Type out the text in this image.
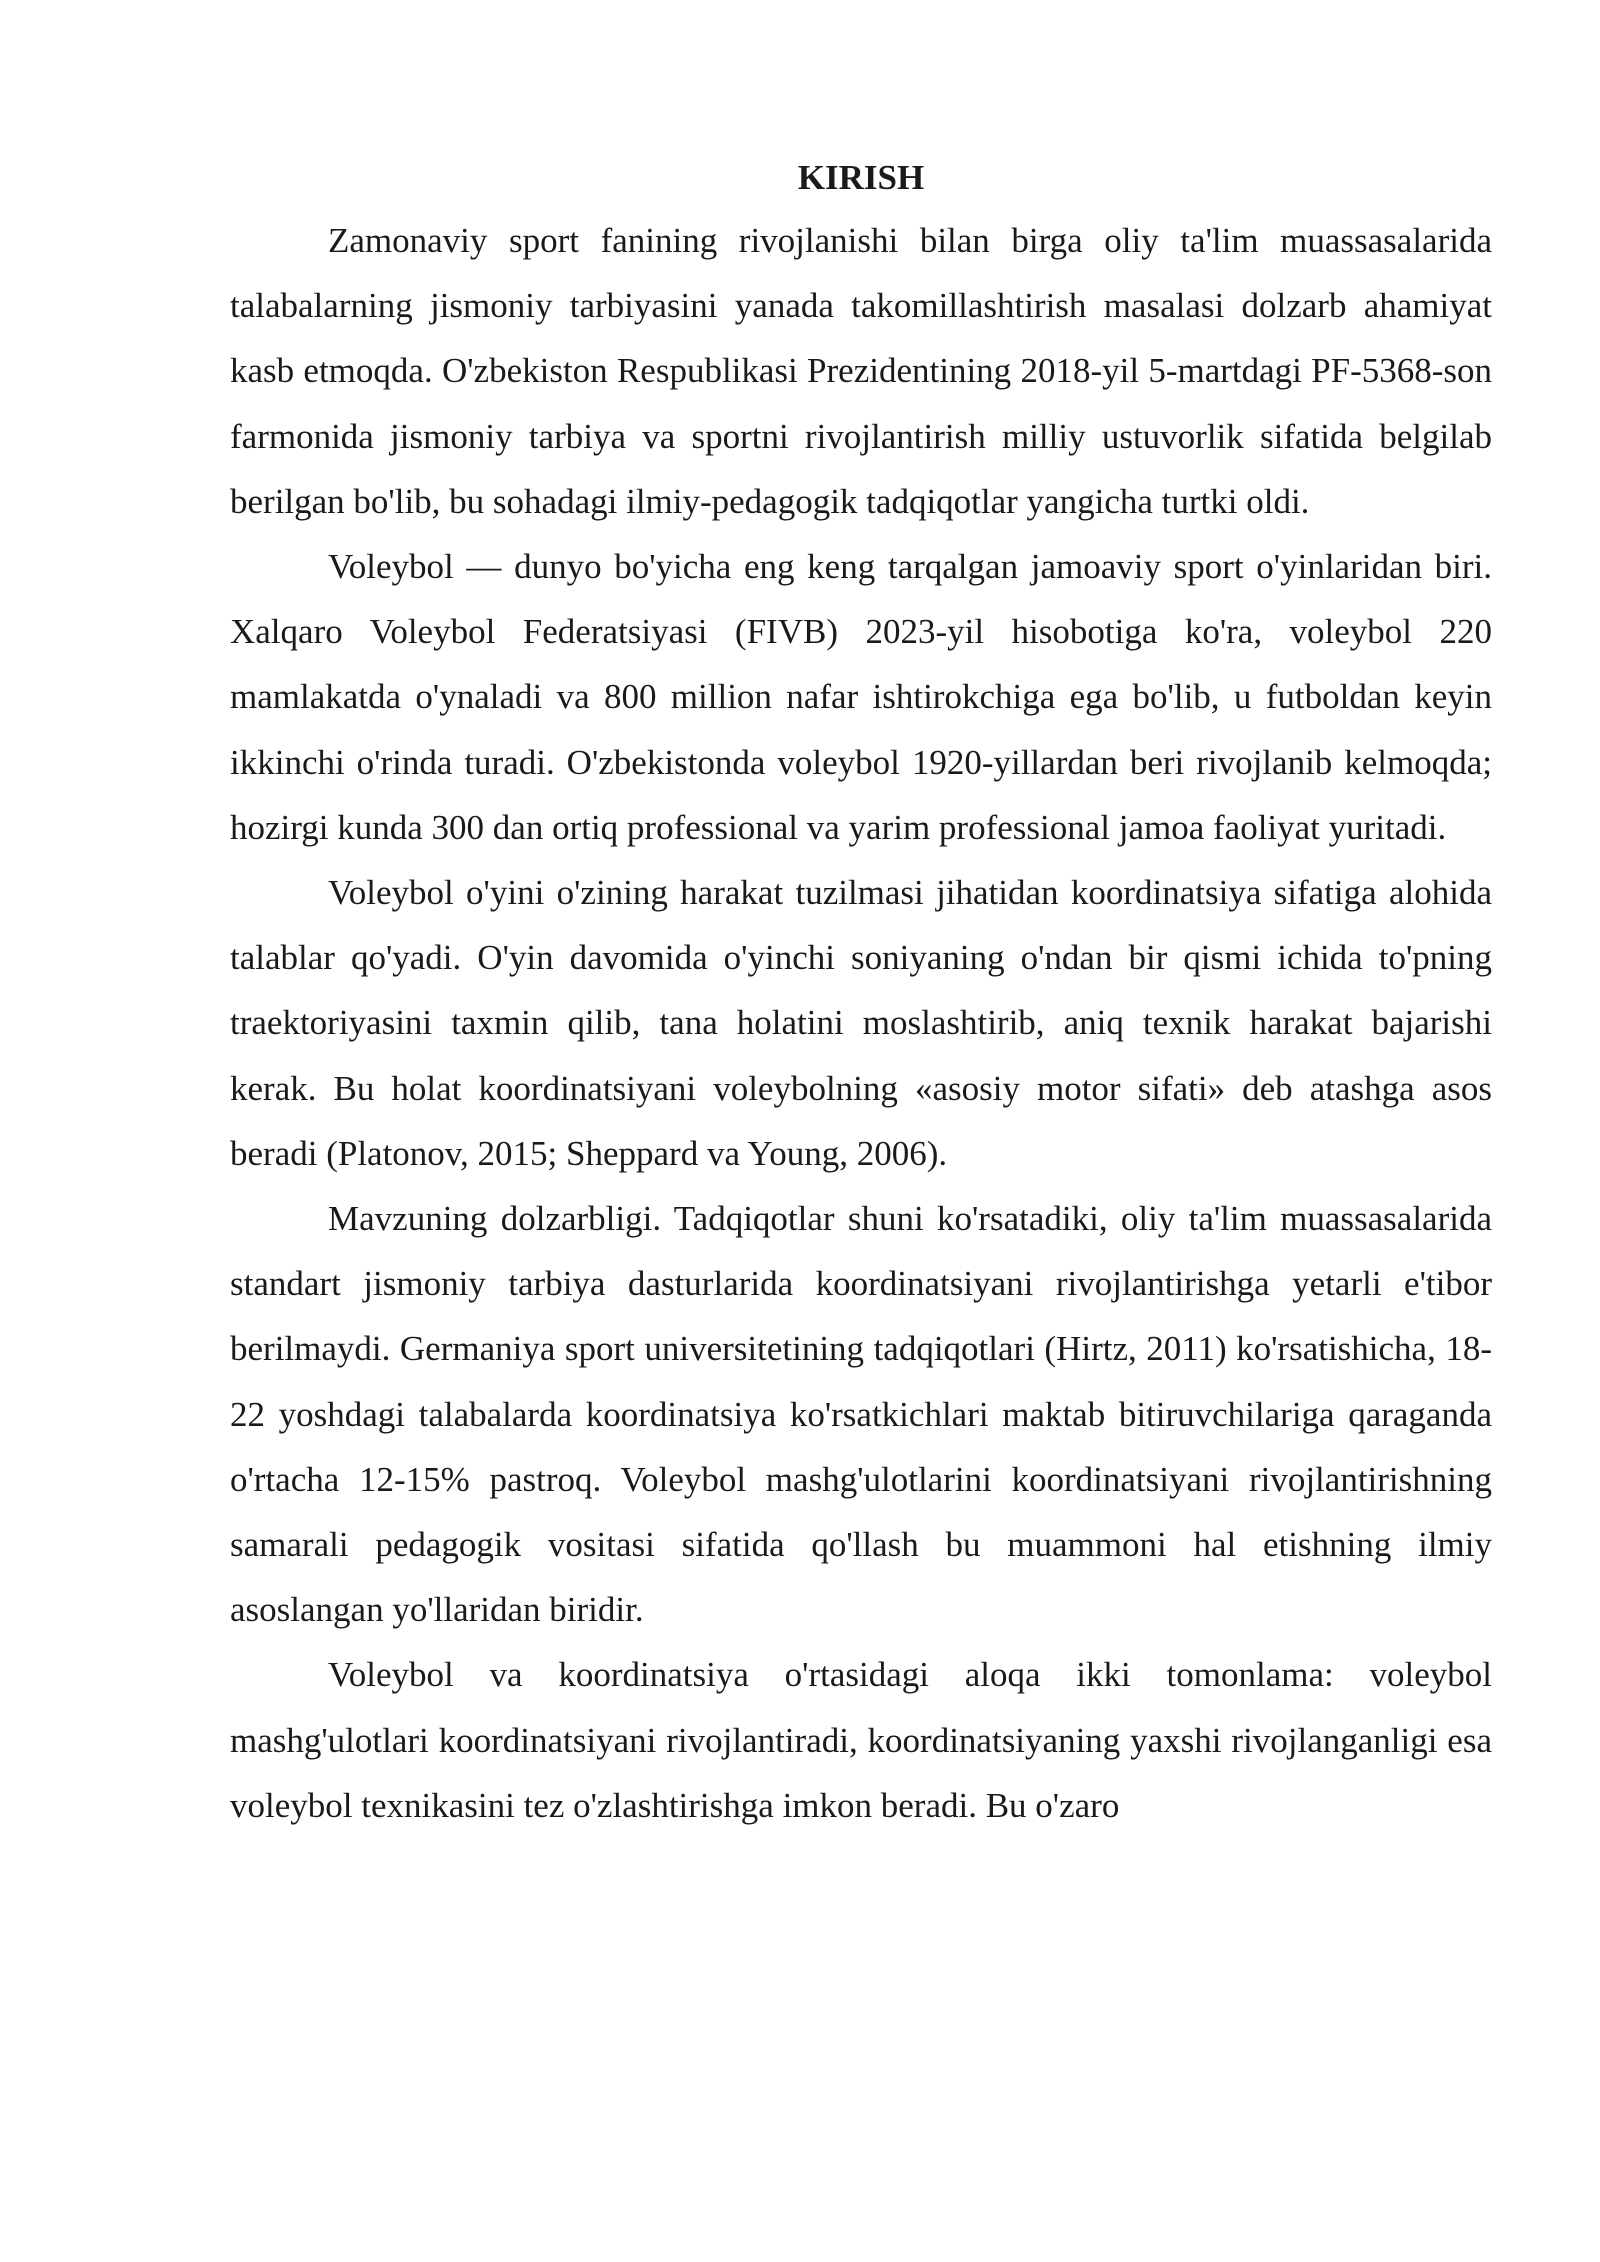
KIRISH

Zamonaviy sport fanining rivojlanishi bilan birga oliy ta'lim muassasalarida talabalarning jismoniy tarbiyasini yanada takomillashtirish masalasi dolzarb ahamiyat kasb etmoqda. O'zbekiston Respublikasi Prezidentining 2018-yil 5-martdagi PF-5368-son farmonida jismoniy tarbiya va sportni rivojlantirish milliy ustuvorlik sifatida belgilab berilgan bo'lib, bu sohadagi ilmiy-pedagogik tadqiqotlar yangicha turtki oldi.

Voleybol — dunyo bo'yicha eng keng tarqalgan jamoaviy sport o'yinlaridan biri. Xalqaro Voleybol Federatsiyasi (FIVB) 2023-yil hisobotiga ko'ra, voleybol 220 mamlakatda o'ynaladi va 800 million nafar ishtirokchiga ega bo'lib, u futboldan keyin ikkinchi o'rinda turadi. O'zbekistonda voleybol 1920-yillardan beri rivojlanib kelmoqda; hozirgi kunda 300 dan ortiq professional va yarim professional jamoa faoliyat yuritadi.

Voleybol o'yini o'zining harakat tuzilmasi jihatidan koordinatsiya sifatiga alohida talablar qo'yadi. O'yin davomida o'yinchi soniyaning o'ndan bir qismi ichida to'pning traektoriyasini taxmin qilib, tana holatini moslashtirib, aniq texnik harakat bajarishi kerak. Bu holat koordinatsiyani voleybolning «asosiy motor sifati» deb atashga asos beradi (Platonov, 2015; Sheppard va Young, 2006).

Mavzuning dolzarbligi. Tadqiqotlar shuni ko'rsatadiki, oliy ta'lim muassasalarida standart jismoniy tarbiya dasturlarida koordinatsiyani rivojlantirishga yetarli e'tibor berilmaydi. Germaniya sport universitetining tadqiqotlari (Hirtz, 2011) ko'rsatishicha, 18-22 yoshdagi talabalarda koordinatsiya ko'rsatkichlari maktab bitiruvchilariga qaraganda o'rtacha 12-15% pastroq. Voleybol mashg'ulotlarini koordinatsiyani rivojlantirishning samarali pedagogik vositasi sifatida qo'llash bu muammoni hal etishning ilmiy asoslangan yo'llaridan biridir.

Voleybol va koordinatsiya o'rtasidagi aloqa ikki tomonlama: voleybol mashg'ulotlari koordinatsiyani rivojlantiradi, koordinatsiyaning yaxshi rivojlanganligi esa voleybol texnikasini tez o'zlashtirishga imkon beradi. Bu o'zaro
